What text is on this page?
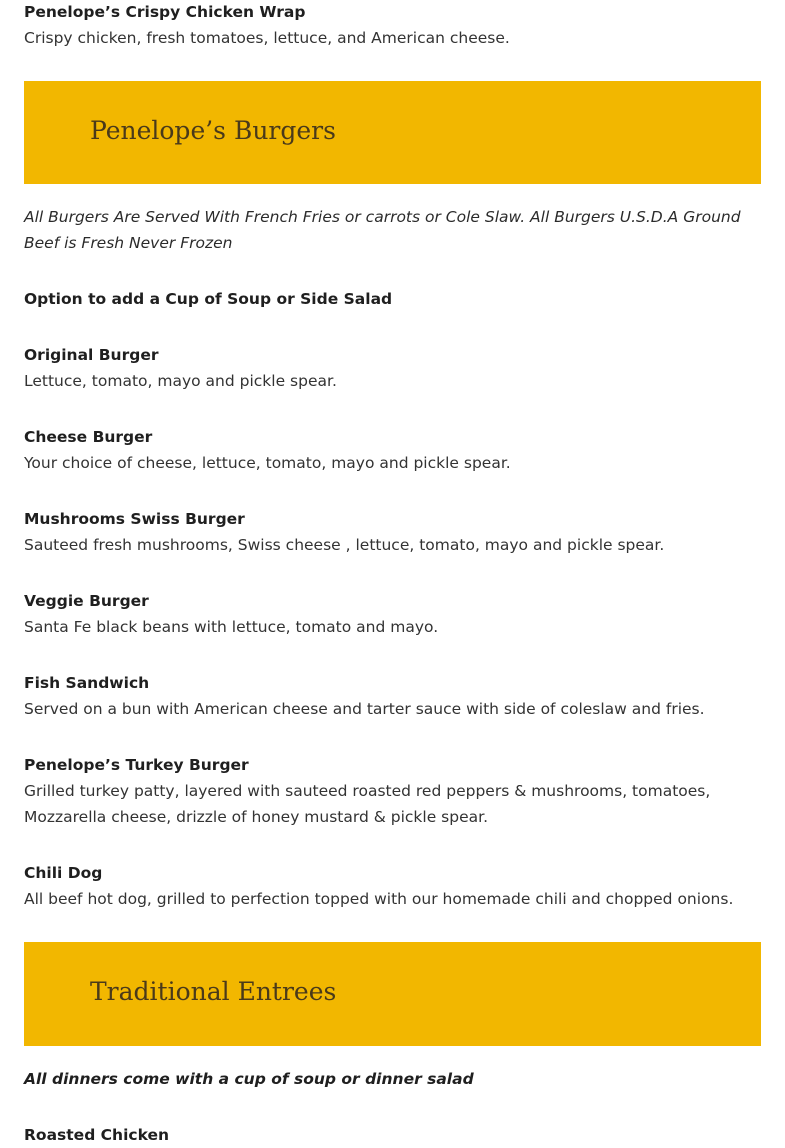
Penelope’s Crispy Chicken Wrap
Crispy chicken, fresh tomatoes, lettuce, and American cheese.
Penelope’s Burgers
All Burgers Are Served With French Fries or carrots or Cole Slaw. All Burgers U.S.D.A Ground Beef is Fresh Never Frozen
Option to add a Cup of Soup or Side Salad
Original Burger
Lettuce, tomato, mayo and pickle spear.
Cheese Burger
Your choice of cheese, lettuce, tomato, mayo and pickle spear.
Mushrooms Swiss Burger
Sauteed fresh mushrooms, Swiss cheese , lettuce, tomato, mayo and pickle spear.
Veggie Burger
Santa Fe black beans with lettuce, tomato and mayo.
Fish Sandwich
Served on a bun with American cheese and tarter sauce with side of coleslaw and fries.
Penelope’s Turkey Burger
Grilled turkey patty, layered with sauteed roasted red peppers & mushrooms, tomatoes, Mozzarella cheese, drizzle of honey mustard & pickle spear.
Chili Dog
All beef hot dog, grilled to perfection topped with our homemade chili and chopped onions.
Traditional Entrees
All dinners come with a cup of soup or dinner salad
Roasted Chicken
